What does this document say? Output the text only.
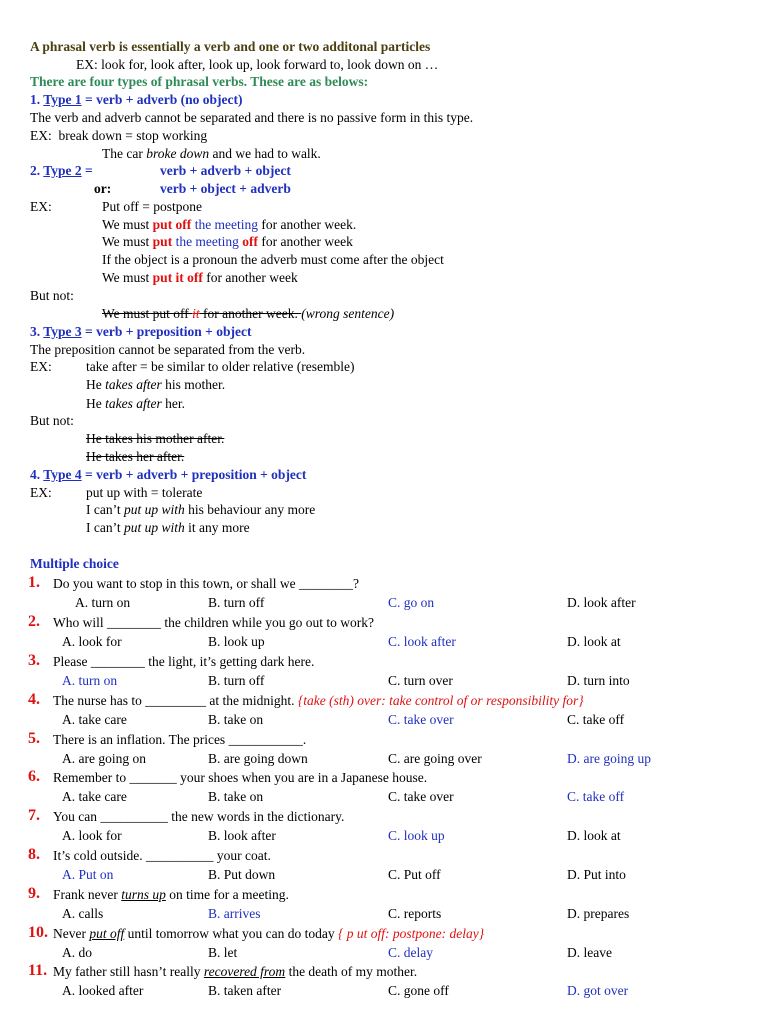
A phrasal verb is essentially a verb and one or two additonal particles
EX: look for, look after, look up, look forward to, look down on …
There are four types of phrasal verbs. These are as belows:
1. Type 1 = verb + adverb (no object)
The verb and adverb cannot be separated and there is no passive form in this type.
EX:  break down = stop working
The car broke down and we had to walk.
2. Type 2 =	verb + adverb + object
or:	verb + object + adverb
EX:	Put off = postpone
We must put off the meeting for another week.
We must put the meeting off for another week
If the object is a pronoun the adverb must come after the object
We must put it off for another week
But not:
We must put off it for another week. (wrong sentence)
3. Type 3 = verb + preposition + object
The preposition cannot be separated from the verb.
EX:	take after = be similar to older relative (resemble)
He takes after his mother.
He takes after her.
But not:
He takes his mother after.
He takes her after.
4. Type 4 = verb + adverb + preposition + object
EX:	put up with = tolerate
I can’t put up with his behaviour any more
I can’t put up with it any more
Multiple choice
1. Do you want to stop in this town, or shall we ________?
A. turn on	B. turn off	C. go on	D. look after
2. Who will ________ the children while you go out to work?
A. look for	B. look up	C. look after	D. look at
3. Please ________ the light, it’s getting dark here.
A. turn on	B. turn off	C. turn over	D. turn into
4. The nurse has to _________ at the midnight. {take (sth) over: take control of or responsibility for}
A. take care	B. take on	C. take over	C. take off
5. There is an inflation. The prices ___________.
A. are going on	B. are going down	C. are going over	D. are going up
6. Remember to _______ your shoes when you are in a Japanese house.
A. take care	B. take on	C. take over	C. take off
7. You can __________ the new words in the dictionary.
A. look for	B. look after	C. look up	D. look at
8. It’s cold outside. __________ your coat.
A. Put on	B. Put down	C. Put off	D. Put into
9. Frank never turns up on time for a meeting.
A. calls	B. arrives	C. reports	D. prepares
10. Never put off until tomorrow what you can do today { p ut off: postpone: delay}
A. do	B. let	C. delay	D. leave
11. My father still hasn’t really recovered from the death of my mother.
A. looked after	B. taken after	C. gone off	D. got over
